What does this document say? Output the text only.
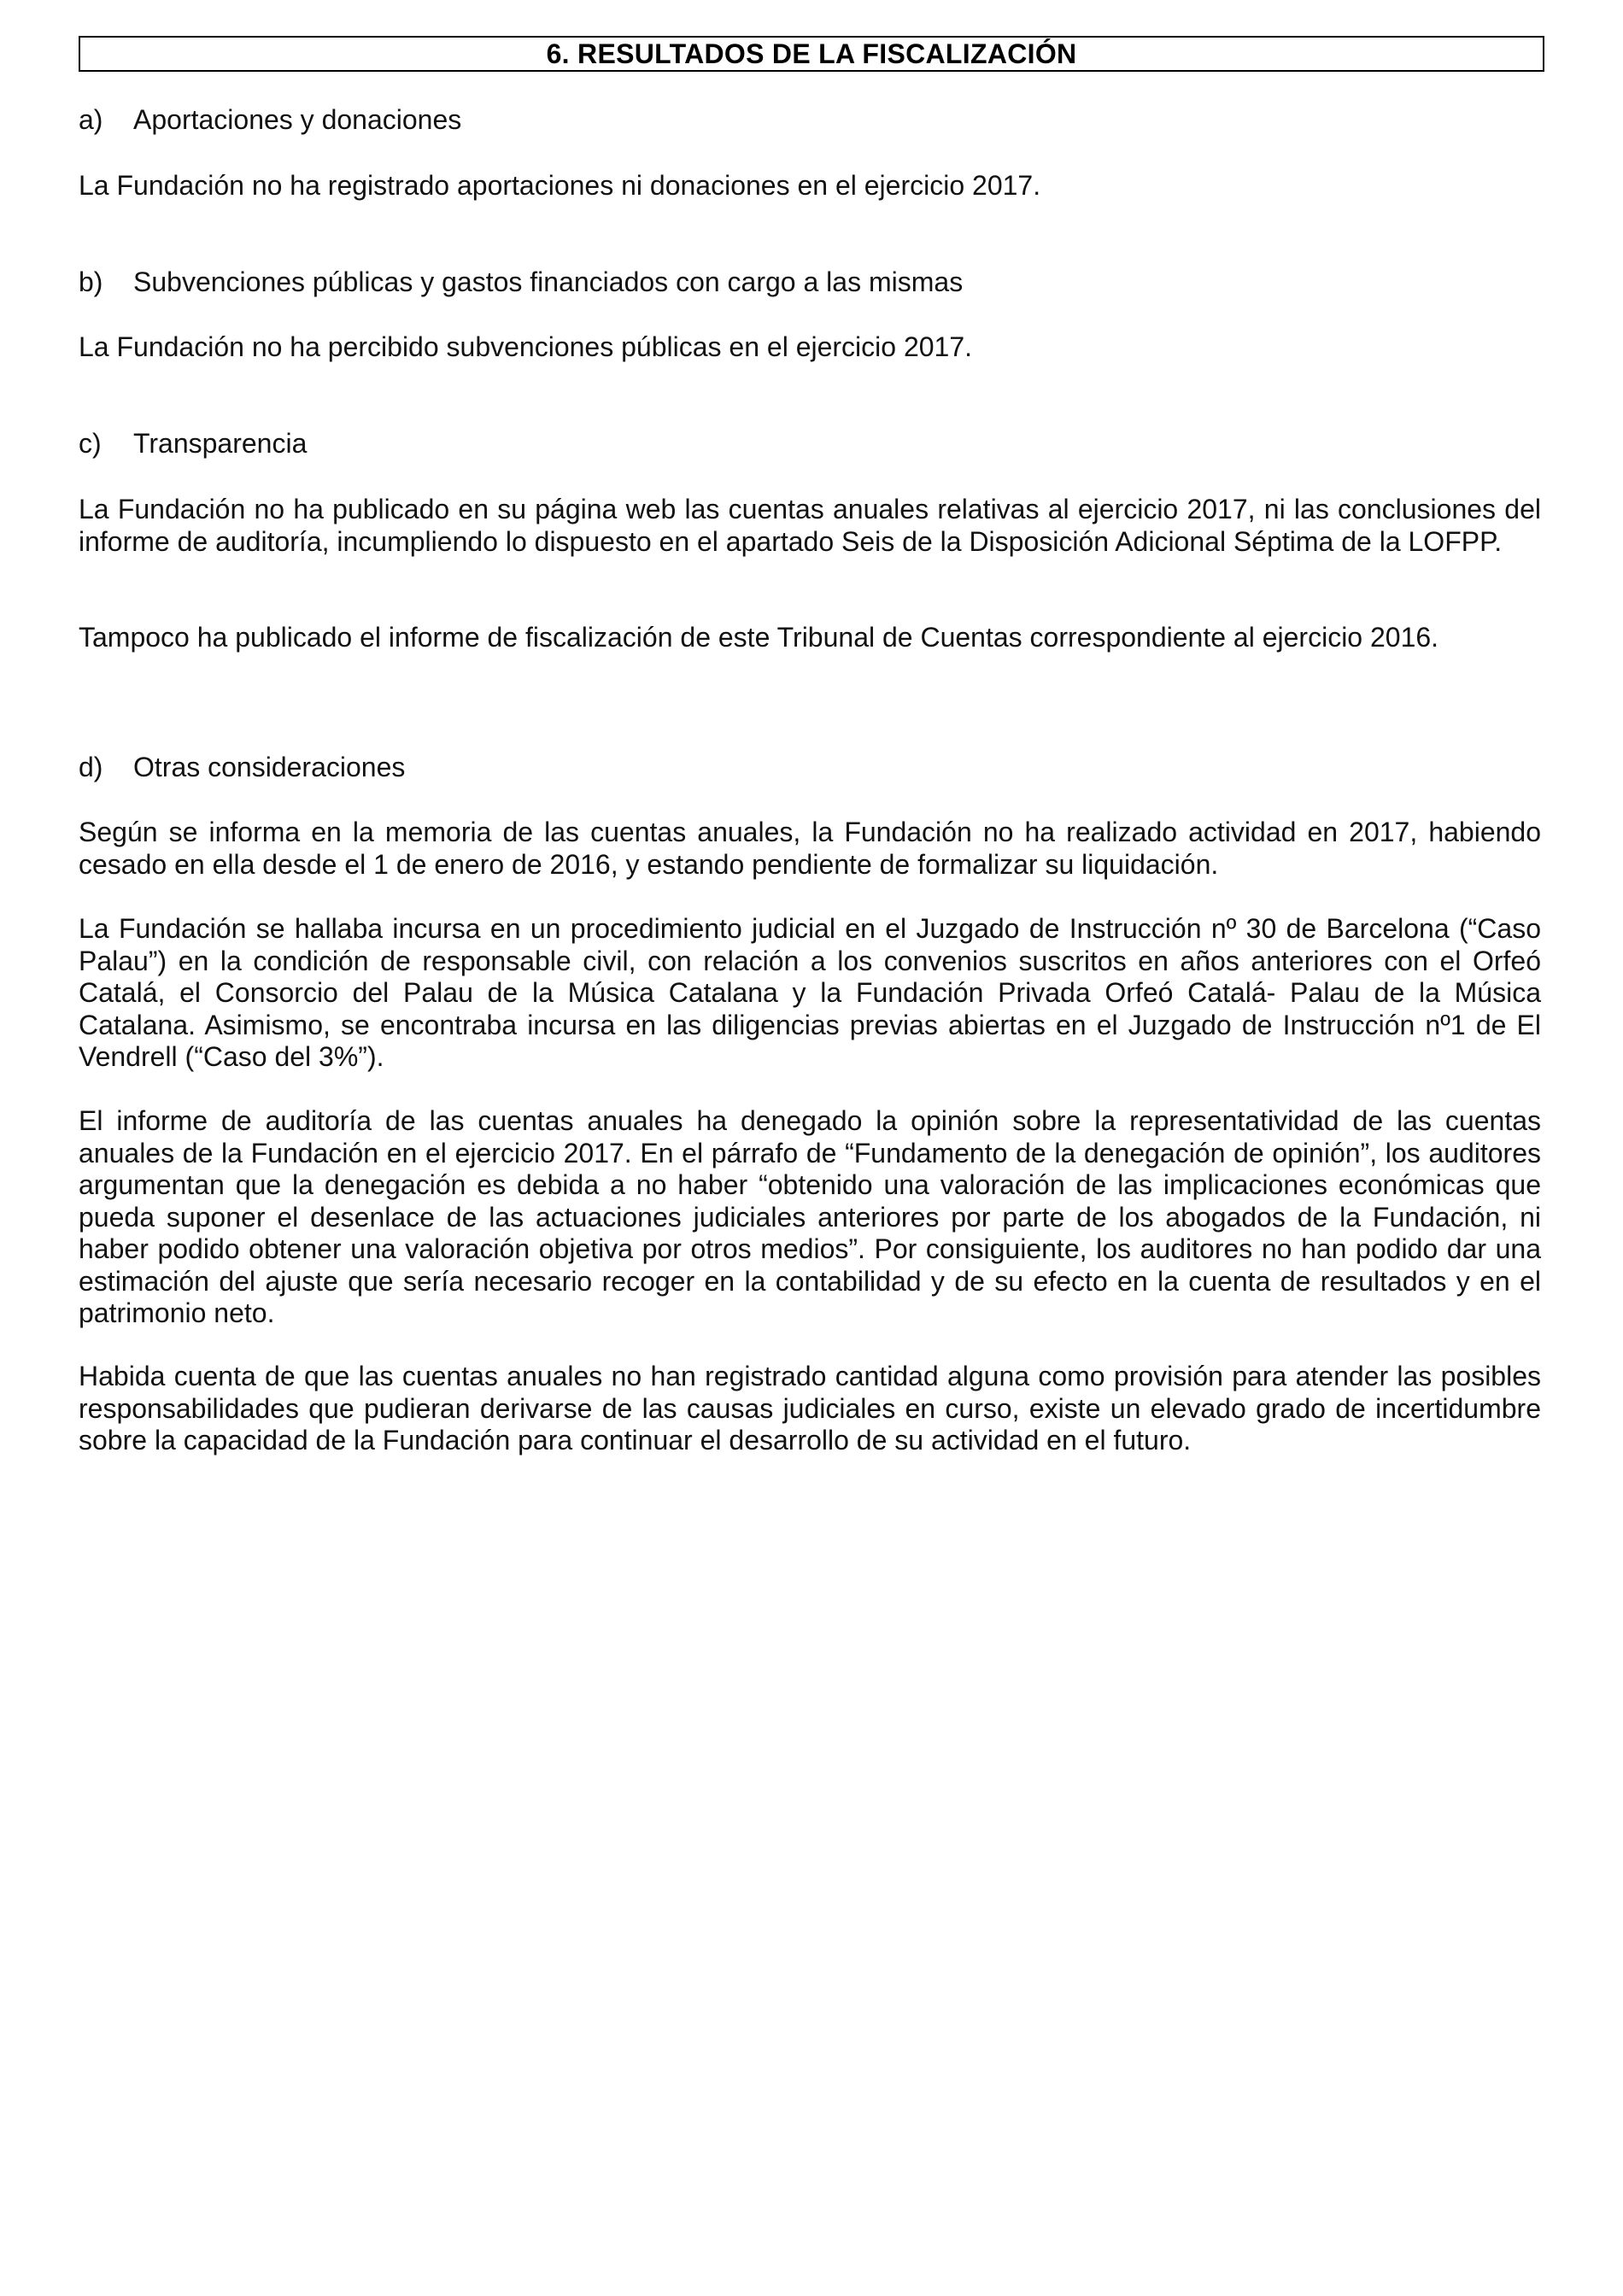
6. RESULTADOS DE LA FISCALIZACIÓN
a)	Aportaciones y donaciones

La Fundación no ha registrado aportaciones ni donaciones en el ejercicio 2017.

b)	Subvenciones públicas y gastos financiados con cargo a las mismas

La Fundación no ha percibido subvenciones públicas en el ejercicio 2017.

c)	Transparencia

La Fundación no ha publicado en su página web las cuentas anuales relativas al ejercicio 2017, ni las conclusiones del informe de auditoría, incumpliendo lo dispuesto en el apartado Seis de la Disposición Adicional Séptima de la LOFPP.

Tampoco ha publicado el informe de fiscalización de este Tribunal de Cuentas correspondiente al ejercicio 2016.

d)	Otras consideraciones

Según se informa en la memoria de las cuentas anuales, la Fundación no ha realizado actividad en 2017, habiendo cesado en ella desde el 1 de enero de 2016, y estando pendiente de formalizar su liquidación.

La Fundación se hallaba incursa en un procedimiento judicial en el Juzgado de Instrucción nº 30 de Barcelona (“Caso Palau”) en la condición de responsable civil, con relación a los convenios suscritos en años anteriores con el Orfeó Catalá, el Consorcio del Palau de la Música Catalana y la Fundación Privada Orfeó Catalá- Palau de la Música Catalana. Asimismo, se encontraba incursa en las diligencias previas abiertas en el Juzgado de Instrucción nº1 de El Vendrell (“Caso del 3%”).

El informe de auditoría de las cuentas anuales ha denegado la opinión sobre la representatividad de las cuentas anuales de la Fundación en el ejercicio 2017. En el párrafo de “Fundamento de la denegación de opinión”, los auditores argumentan que la denegación es debida a no haber “obtenido una valoración de las implicaciones económicas que pueda suponer el desenlace de las actuaciones judiciales anteriores por parte de los abogados de la Fundación, ni haber podido obtener una valoración objetiva por otros medios”. Por consiguiente, los auditores no han podido dar una estimación del ajuste que sería necesario recoger en la contabilidad y de su efecto en la cuenta de resultados y en el patrimonio neto.

Habida cuenta de que las cuentas anuales no han registrado cantidad alguna como provisión para atender las posibles responsabilidades que pudieran derivarse de las causas judiciales en curso, existe un elevado grado de incertidumbre sobre la capacidad de la Fundación para continuar el desarrollo de su actividad en el futuro.
